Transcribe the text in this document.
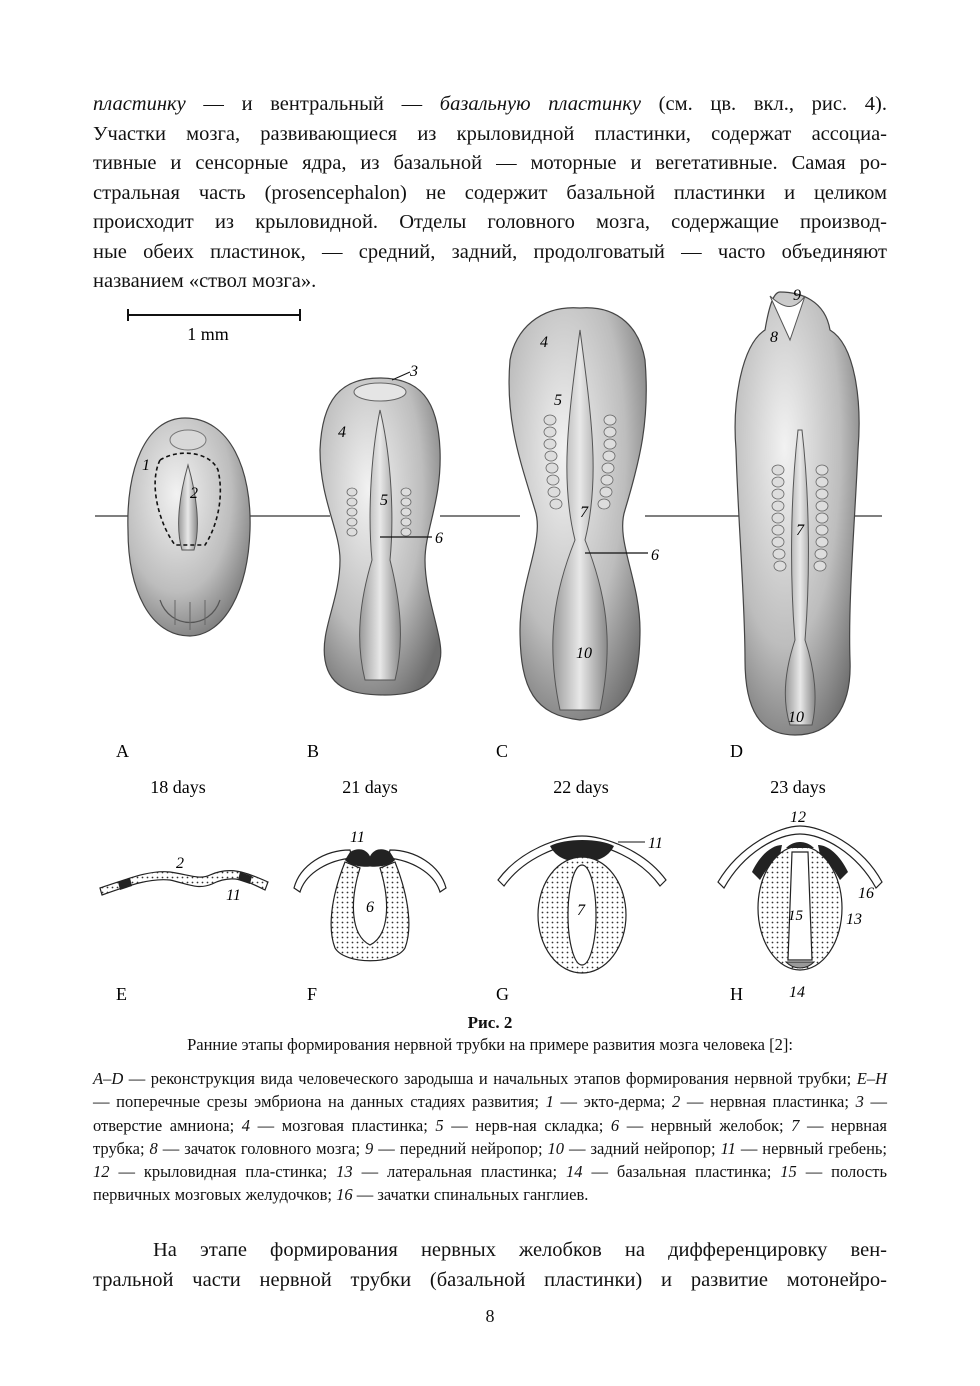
пластинку — и вентральный — базальную пластинку (см. цв. вкл., рис. 4).
Участки мозга, развивающиеся из крыловидной пластинки, содержат ассоциа-
тивные и сенсорные ядра, из базальной — моторные и вегетативные. Самая ро-
стральная часть (prosencephalon) не содержит базальной пластинки и целиком
происходит из крыловидной. Отделы головного мозга, содержащие производ-
ные обеих пластинок, — средний, задний, продолговатый — часто объединяют
названием «ствол мозга».
1 mm
1
2
3
4
5
6
4
5
7
6
10
9
8
7
10
A	B	C	D
18 days	21 days	22 days	23 days
2
11
11
6
11
7
12
16
13
15
14
E	F	G	H
Рис. 2
Ранние этапы формирования нервной трубки на примере развития мозга человека [2]:

A–D — реконструкция вида человеческого зародыша и начальных этапов формирования нервной трубки; E–H — поперечные срезы эмбриона на данных стадиях развития; 1 — экто-дерма; 2 — нервная пластинка; 3 — отверстие амниона; 4 — мозговая пластинка; 5 — нерв-ная складка; 6 — нервный желобок; 7 — нервная трубка; 8 — зачаток головного мозга; 9 — передний нейропор; 10 — задний нейропор; 11 — нервный гребень; 12 — крыловидная пла-стинка; 13 — латеральная пластинка; 14 — базальная пластинка; 15 — полость первичных мозговых желудочков; 16 — зачатки спинальных ганглиев.

На этапе формирования нервных желобков на дифференцировку вен-
тральной части нервной трубки (базальной пластинки) и развитие мотонейро-
8
